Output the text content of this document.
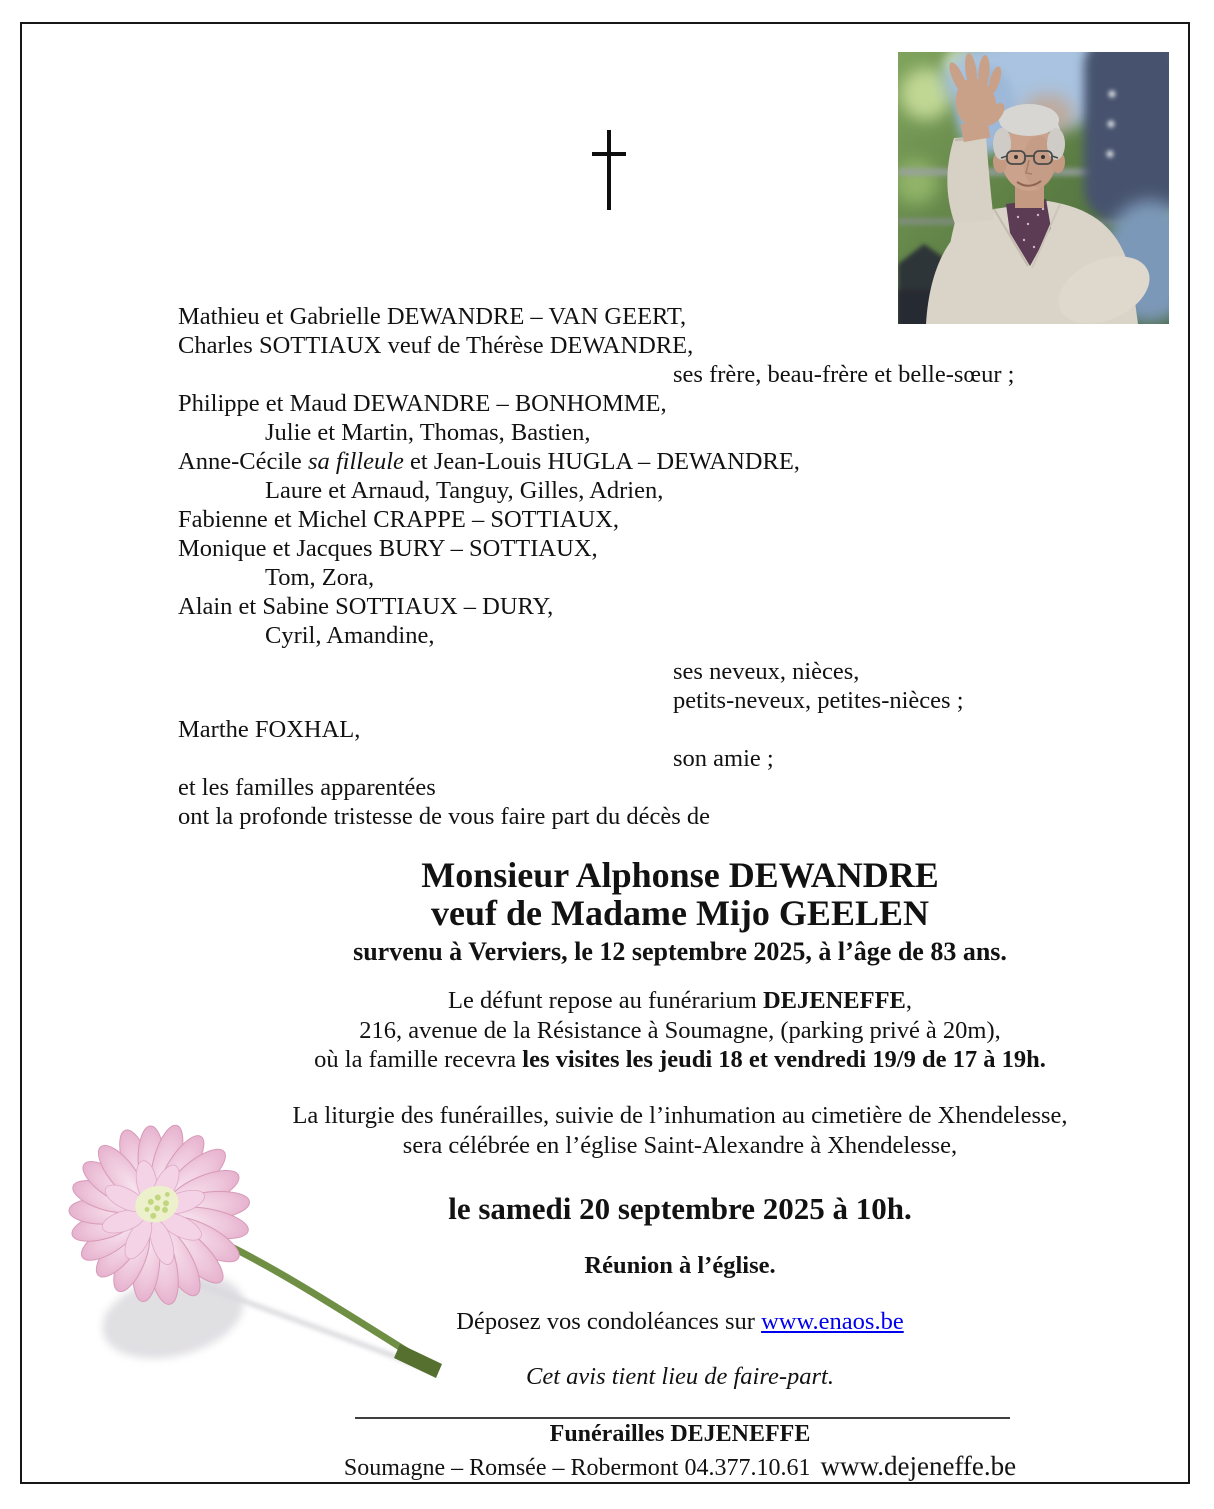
Mathieu et Gabrielle DEWANDRE – VAN GEERT,
Charles SOTTIAUX veuf de Thérèse DEWANDRE,
ses frère, beau-frère et belle-sœur ;
Philippe et Maud DEWANDRE – BONHOMME,
Julie et Martin, Thomas, Bastien,
Anne-Cécile sa filleule et Jean-Louis HUGLA – DEWANDRE,
Laure et Arnaud, Tanguy, Gilles, Adrien,
Fabienne et Michel CRAPPE – SOTTIAUX,
Monique et Jacques BURY – SOTTIAUX,
Tom, Zora,
Alain et Sabine SOTTIAUX – DURY,
Cyril, Amandine,
ses neveux, nièces,
petits-neveux, petites-nièces ;
Marthe FOXHAL,
son amie ;
et les familles apparentées
ont la profonde tristesse de vous faire part du décès de
Monsieur Alphonse DEWANDRE
veuf de Madame Mijo GEELEN
survenu à Verviers, le 12 septembre 2025, à l’âge de 83 ans.
Le défunt repose au funérarium DEJENEFFE,
216, avenue de la Résistance à Soumagne, (parking privé à 20m),
où la famille recevra les visites les jeudi 18 et vendredi 19/9 de 17 à 19h.
La liturgie des funérailles, suivie de l’inhumation au cimetière de Xhendelesse,
sera célébrée en l’église Saint-Alexandre à Xhendelesse,
le samedi 20 septembre 2025 à 10h.
Réunion à l’église.
Déposez vos condoléances sur www.enaos.be
Cet avis tient lieu de faire-part.
Funérailles DEJENEFFE
Soumagne – Romsée – Robermont 04.377.10.61 www.dejeneffe.be
